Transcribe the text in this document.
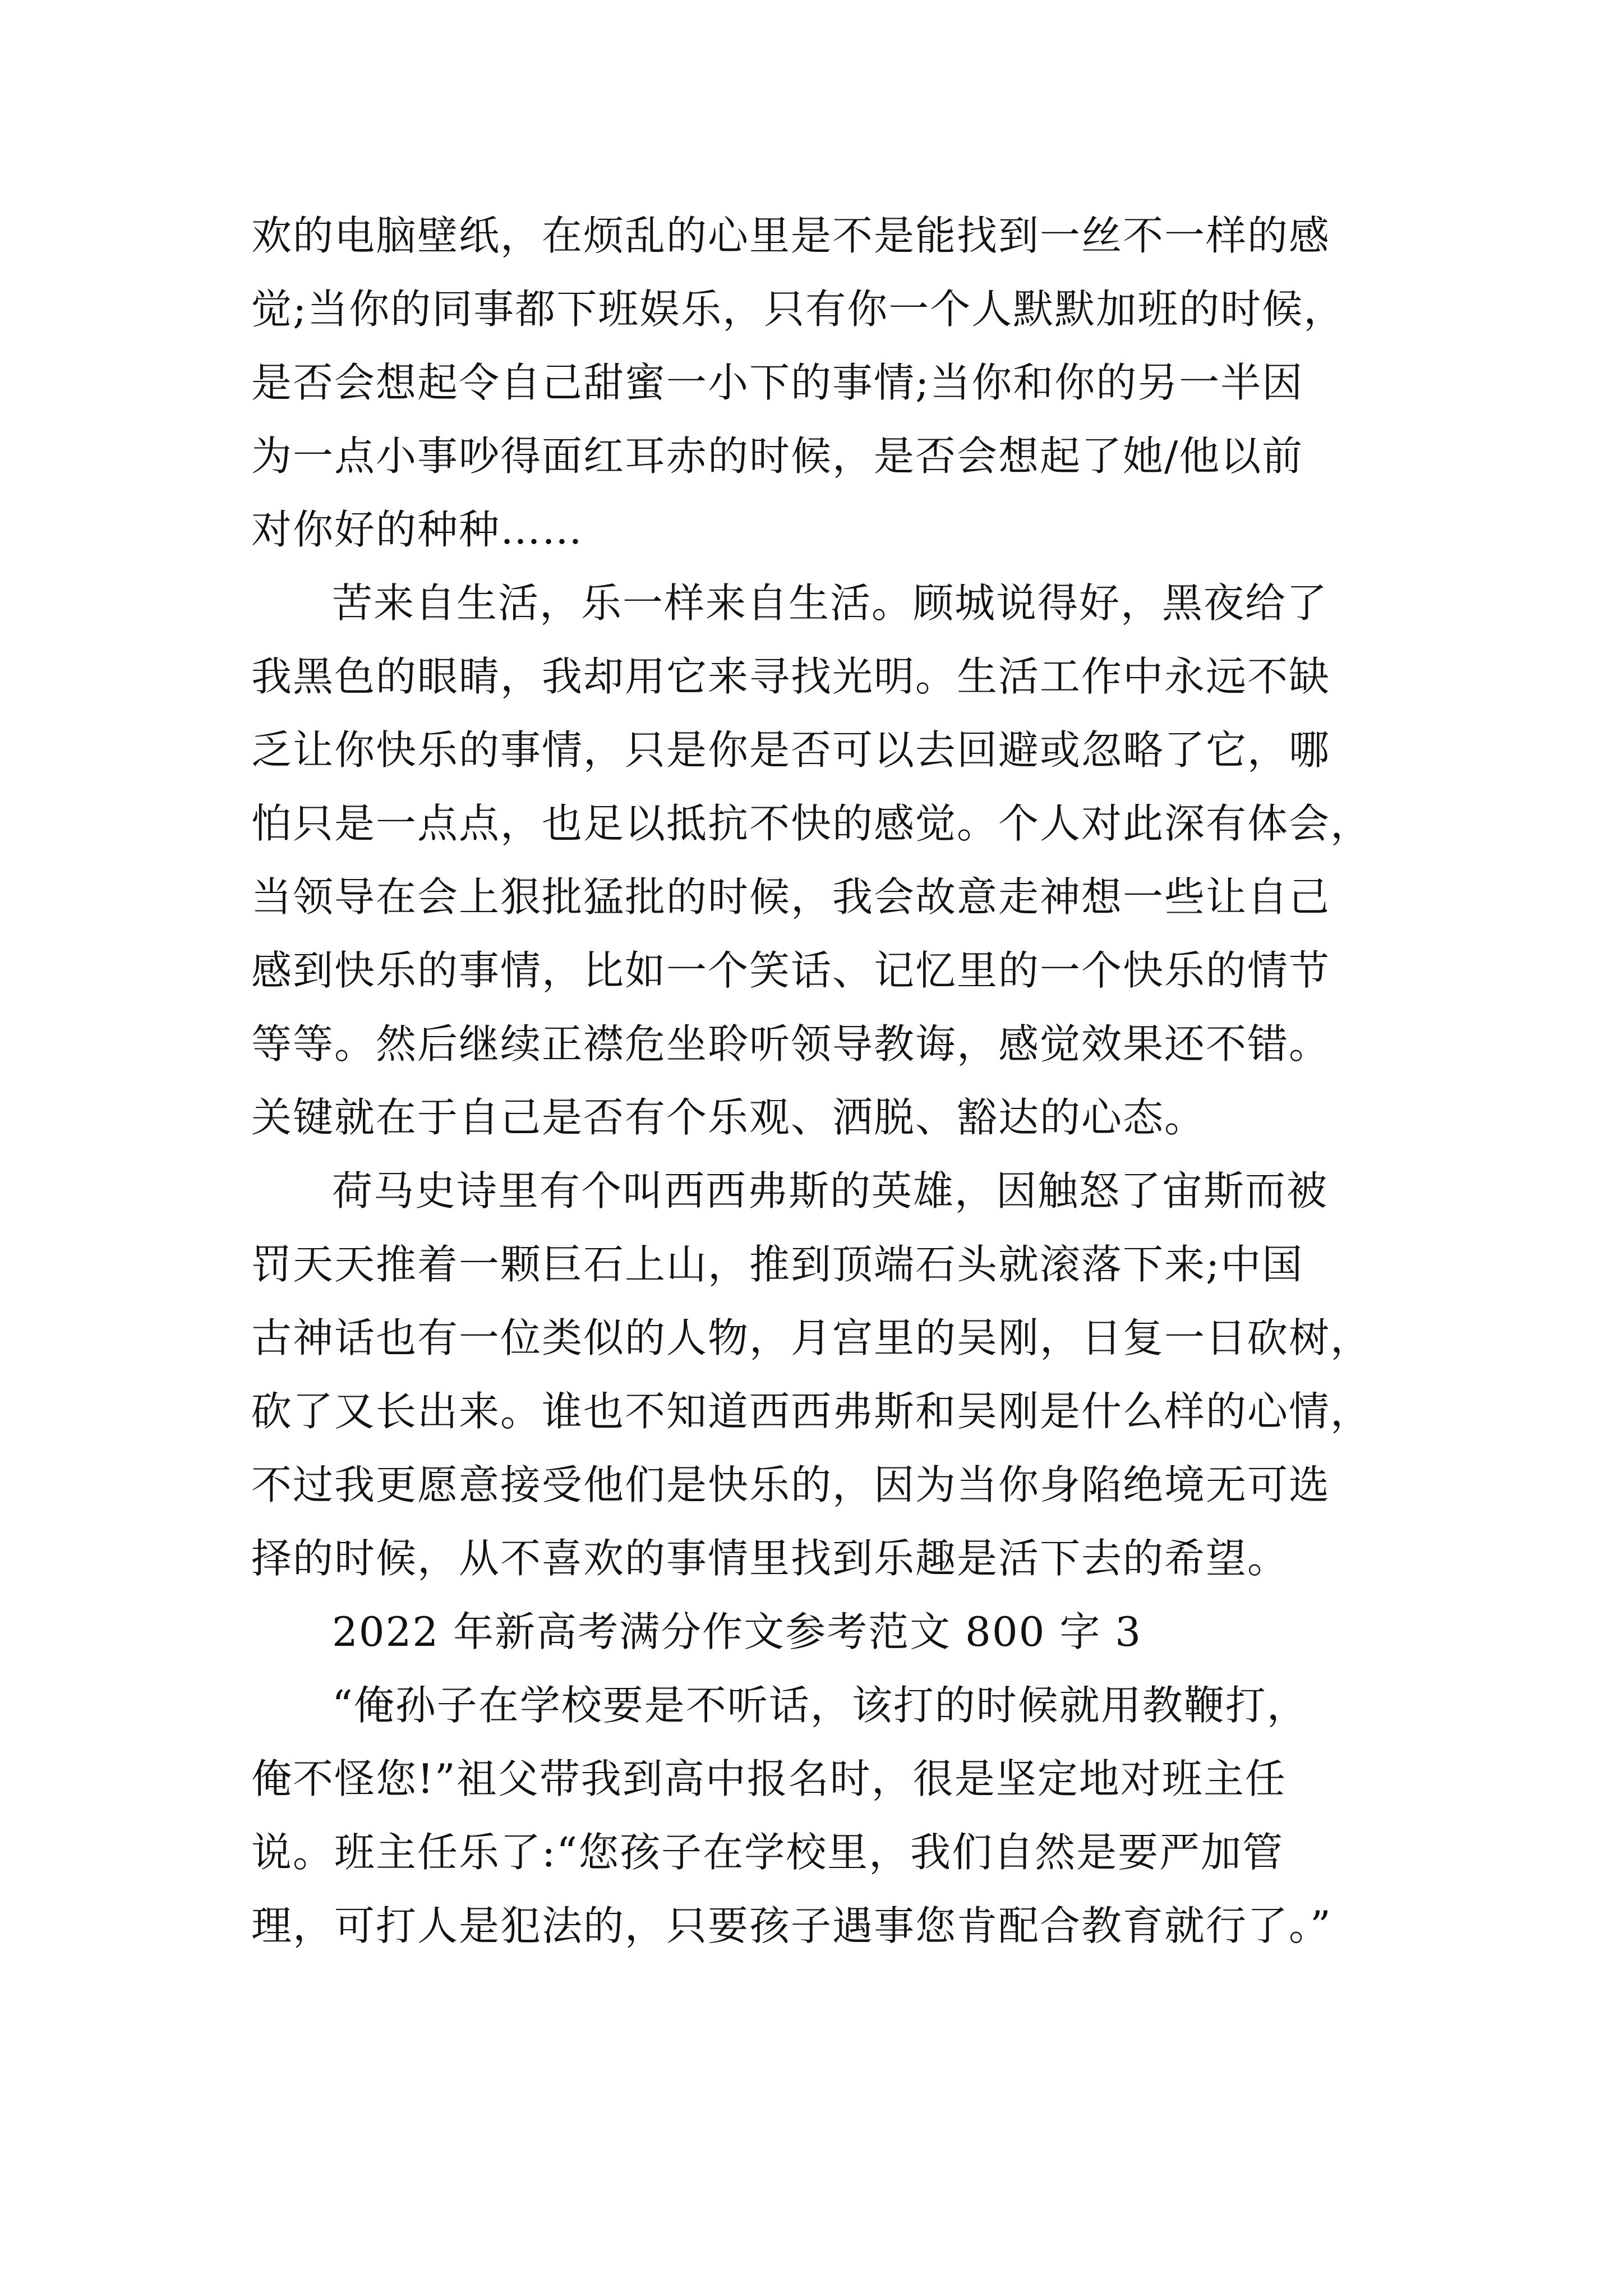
欢的电脑壁纸，在烦乱的心里是不是能找到一丝不一样的感
觉;当你的同事都下班娱乐，只有你一个人默默加班的时候，
是否会想起令自己甜蜜一小下的事情;当你和你的另一半因
为一点小事吵得面红耳赤的时候，是否会想起了她/他以前
对你好的种种……
苦来自生活，乐一样来自生活。顾城说得好，黑夜给了
我黑色的眼睛，我却用它来寻找光明。生活工作中永远不缺
乏让你快乐的事情，只是你是否可以去回避或忽略了它，哪
怕只是一点点，也足以抵抗不快的感觉。个人对此深有体会，
当领导在会上狠批猛批的时候，我会故意走神想一些让自己
感到快乐的事情，比如一个笑话、记忆里的一个快乐的情节
等等。然后继续正襟危坐聆听领导教诲，感觉效果还不错。
关键就在于自己是否有个乐观、洒脱、豁达的心态。
荷马史诗里有个叫西西弗斯的英雄，因触怒了宙斯而被
罚天天推着一颗巨石上山，推到顶端石头就滚落下来;中国
古神话也有一位类似的人物，月宫里的吴刚，日复一日砍树，
砍了又长出来。谁也不知道西西弗斯和吴刚是什么样的心情，
不过我更愿意接受他们是快乐的，因为当你身陷绝境无可选
择的时候，从不喜欢的事情里找到乐趣是活下去的希望。
2022 年新高考满分作文参考范文 800 字 3
“俺孙子在学校要是不听话，该打的时候就用教鞭打，
俺不怪您!”祖父带我到高中报名时，很是坚定地对班主任
说。班主任乐了:“您孩子在学校里，我们自然是要严加管
理，可打人是犯法的，只要孩子遇事您肯配合教育就行了。”
